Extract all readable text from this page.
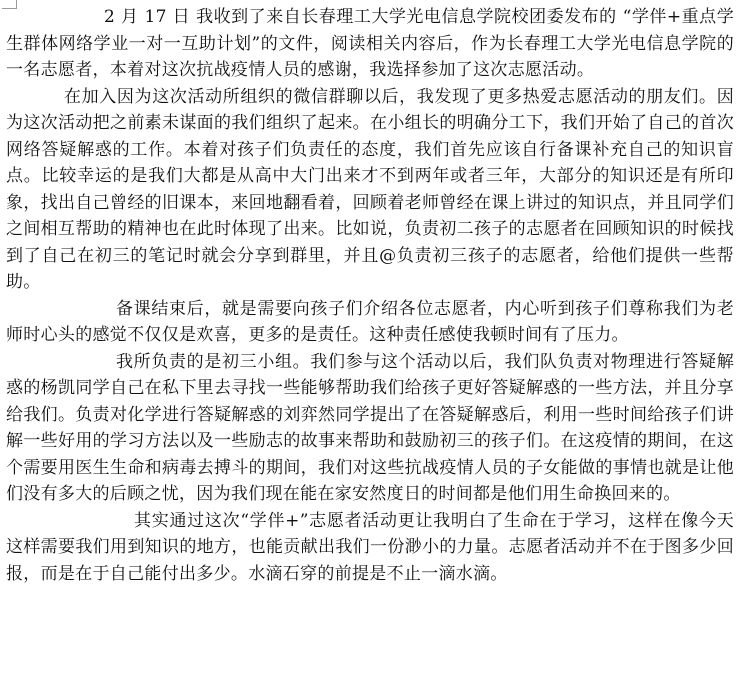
2 月 17 日 我收到了来自长春理工大学光电信息学院校团委发布的 “学伴+重点学生群体网络学业一对一互助计划”的文件，阅读相关内容后，作为长春理工大学光电信息学院的一名志愿者，本着对这次抗战疫情人员的感谢，我选择参加了这次志愿活动。

在加入因为这次活动所组织的微信群聊以后，我发现了更多热爱志愿活动的朋友们。因为这次活动把之前素未谋面的我们组织了起来。在小组长的明确分工下，我们开始了自己的首次网络答疑解惑的工作。本着对孩子们负责任的态度，我们首先应该自行备课补充自己的知识盲点。比较幸运的是我们大都是从高中大门出来才不到两年或者三年，大部分的知识还是有所印象，找出自己曾经的旧课本，来回地翻看着，回顾着老师曾经在课上讲过的知识点，并且同学们之间相互帮助的精神也在此时体现了出来。比如说，负责初二孩子的志愿者在回顾知识的时候找到了自己在初三的笔记时就会分享到群里，并且@负责初三孩子的志愿者，给他们提供一些帮助。

备课结束后，就是需要向孩子们介绍各位志愿者，内心听到孩子们尊称我们为老师时心头的感觉不仅仅是欢喜，更多的是责任。这种责任感使我顿时间有了压力。

我所负责的是初三小组。我们参与这个活动以后，我们队负责对物理进行答疑解惑的杨凯同学自己在私下里去寻找一些能够帮助我们给孩子更好答疑解惑的一些方法，并且分享给我们。负责对化学进行答疑解惑的刘弈然同学提出了在答疑解惑后，利用一些时间给孩子们讲解一些好用的学习方法以及一些励志的故事来帮助和鼓励初三的孩子们。在这疫情的期间，在这个需要用医生生命和病毒去搏斗的期间，我们对这些抗战疫情人员的子女能做的事情也就是让他们没有多大的后顾之忧，因为我们现在能在家安然度日的时间都是他们用生命换回来的。

其实通过这次“学伴+”志愿者活动更让我明白了生命在于学习，这样在像今天这样需要我们用到知识的地方，也能贡献出我们一份渺小的力量。志愿者活动并不在于图多少回报，而是在于自己能付出多少。水滴石穿的前提是不止一滴水滴。
